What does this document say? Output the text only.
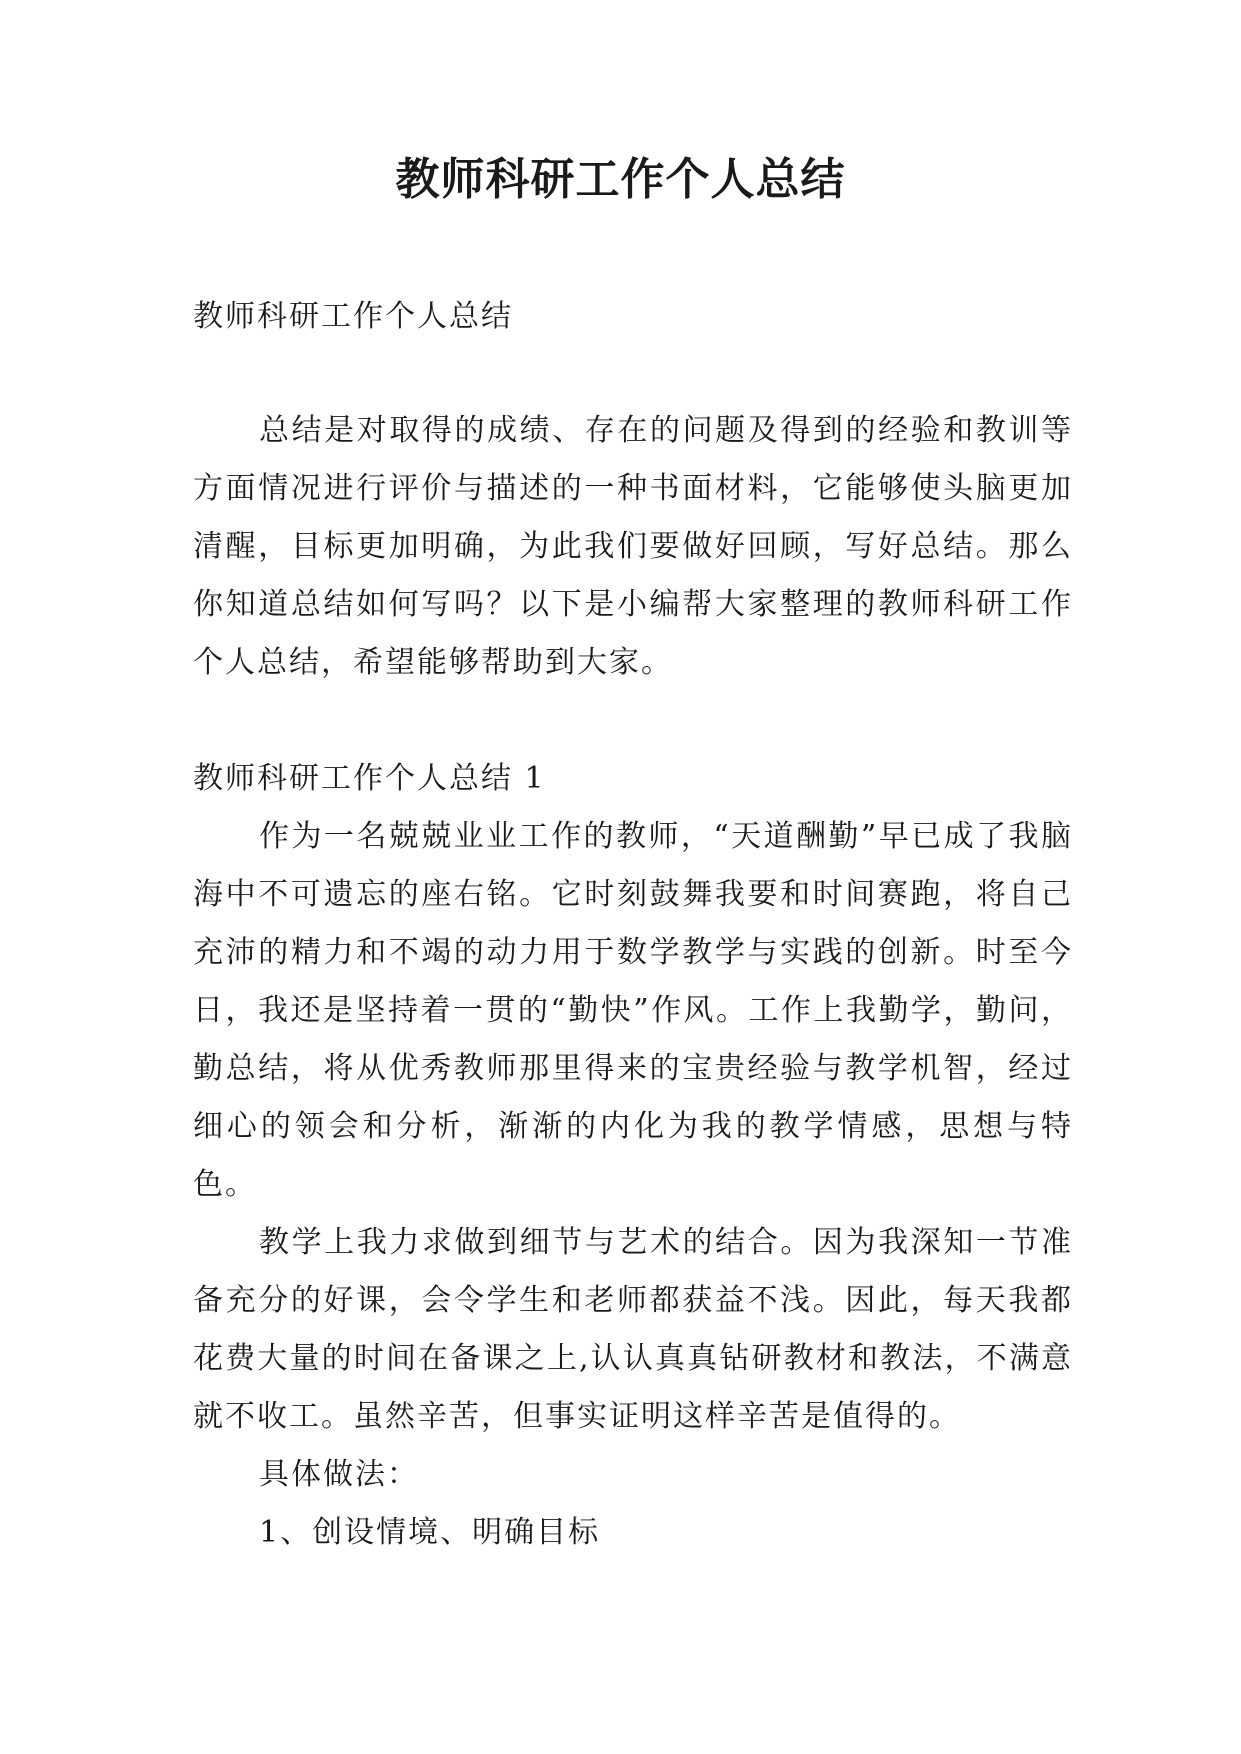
教师科研工作个人总结

教师科研工作个人总结

总结是对取得的成绩、存在的问题及得到的经验和教训等方面情况进行评价与描述的一种书面材料，它能够使头脑更加清醒，目标更加明确，为此我们要做好回顾，写好总结。那么你知道总结如何写吗？以下是小编帮大家整理的教师科研工作个人总结，希望能够帮助到大家。

教师科研工作个人总结 1

作为一名兢兢业业工作的教师，“天道酬勤”早已成了我脑海中不可遗忘的座右铭。它时刻鼓舞我要和时间赛跑，将自己充沛的精力和不竭的动力用于数学教学与实践的创新。时至今日，我还是坚持着一贯的“勤快”作风。工作上我勤学，勤问，勤总结，将从优秀教师那里得来的宝贵经验与教学机智，经过细心的领会和分析，渐渐的内化为我的教学情感，思想与特色。

教学上我力求做到细节与艺术的结合。因为我深知一节准备充分的好课，会令学生和老师都获益不浅。因此，每天我都花费大量的时间在备课之上,认认真真钻研教材和教法，不满意就不收工。虽然辛苦，但事实证明这样辛苦是值得的。

具体做法：

1、创设情境、明确目标
